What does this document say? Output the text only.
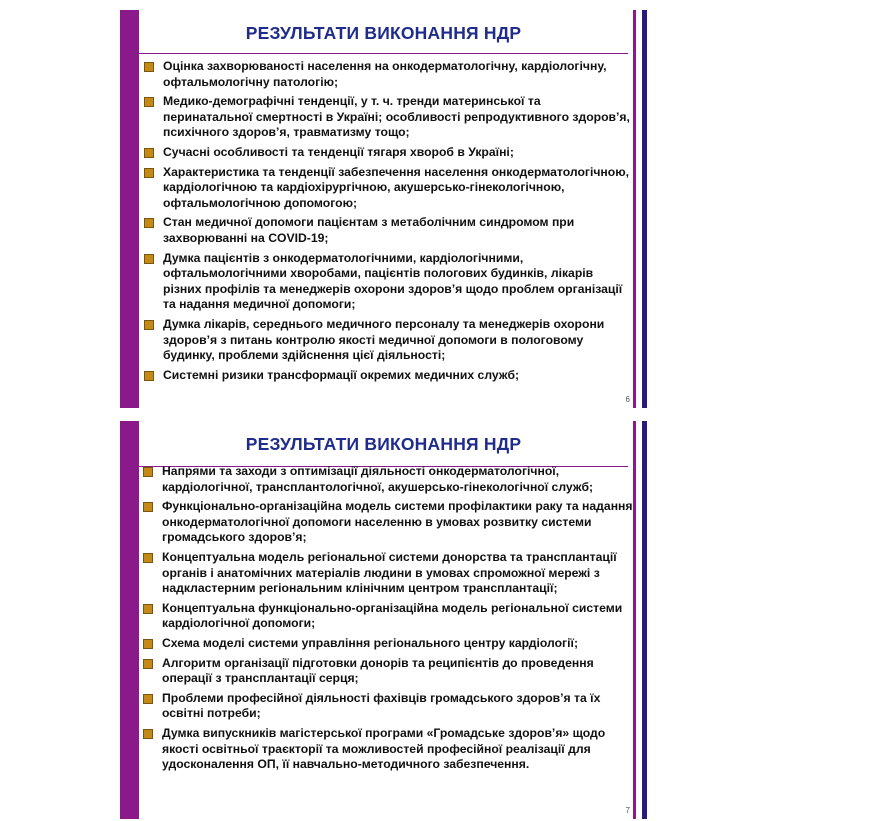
РЕЗУЛЬТАТИ ВИКОНАННЯ НДР
Оцінка захворюваності населення на онкодерматологічну, кардіологічну, офтальмологічну патологію;
Медико-демографічні тенденції, у т. ч. тренди материнської та перинатальної смертності в Україні; особливості репродуктивного здоров’я, психічного здоров’я, травматизму тощо;
Сучасні особливості та тенденції тягаря хвороб в Україні;
Характеристика та тенденції забезпечення населення онкодерматологічною, кардіологічною та кардіохірургічною, акушерсько-гінекологічною, офтальмологічною допомогою;
Стан медичної допомоги пацієнтам з метаболічним синдромом при захворюванні на COVID-19;
Думка пацієнтів з онкодерматологічними, кардіологічними, офтальмологічними хворобами, пацієнтів пологових будинків, лікарів різних профілів та менеджерів охорони здоров’я щодо проблем організації та надання медичної допомоги;
Думка лікарів, середнього медичного персоналу та менеджерів охорони здоров’я з питань контролю якості медичної допомоги в пологовому будинку, проблеми здійснення цієї діяльності;
Системні ризики трансформації окремих медичних служб;
6
РЕЗУЛЬТАТИ ВИКОНАННЯ НДР
Напрями та заходи з оптимізації діяльності онкодерматологічної, кардіологічної, трансплантологічної, акушерсько-гінекологічної служб;
Функціонально-організаційна модель системи профілактики раку та надання онкодерматологічної допомоги населенню в умовах розвитку системи громадського здоров’я;
Концептуальна модель регіональної системи донорства та трансплантації органів і анатомічних матеріалів людини в умовах спроможної мережі з надкластерним регіональним клінічним центром трансплантації;
Концептуальна функціонально-організаційна модель регіональної системи кардіологічної допомоги;
Схема моделі системи управління регіонального центру кардіології;
Алгоритм організації підготовки донорів та реципієнтів до проведення операції з трансплантації серця;
Проблеми професійної діяльності фахівців громадського здоров’я та їх освітні потреби;
Думка випускників магістерської програми «Громадське здоров’я» щодо якості освітньої траєкторії та можливостей професійної реалізації для удосконалення ОП, її навчально-методичного забезпечення.
7
